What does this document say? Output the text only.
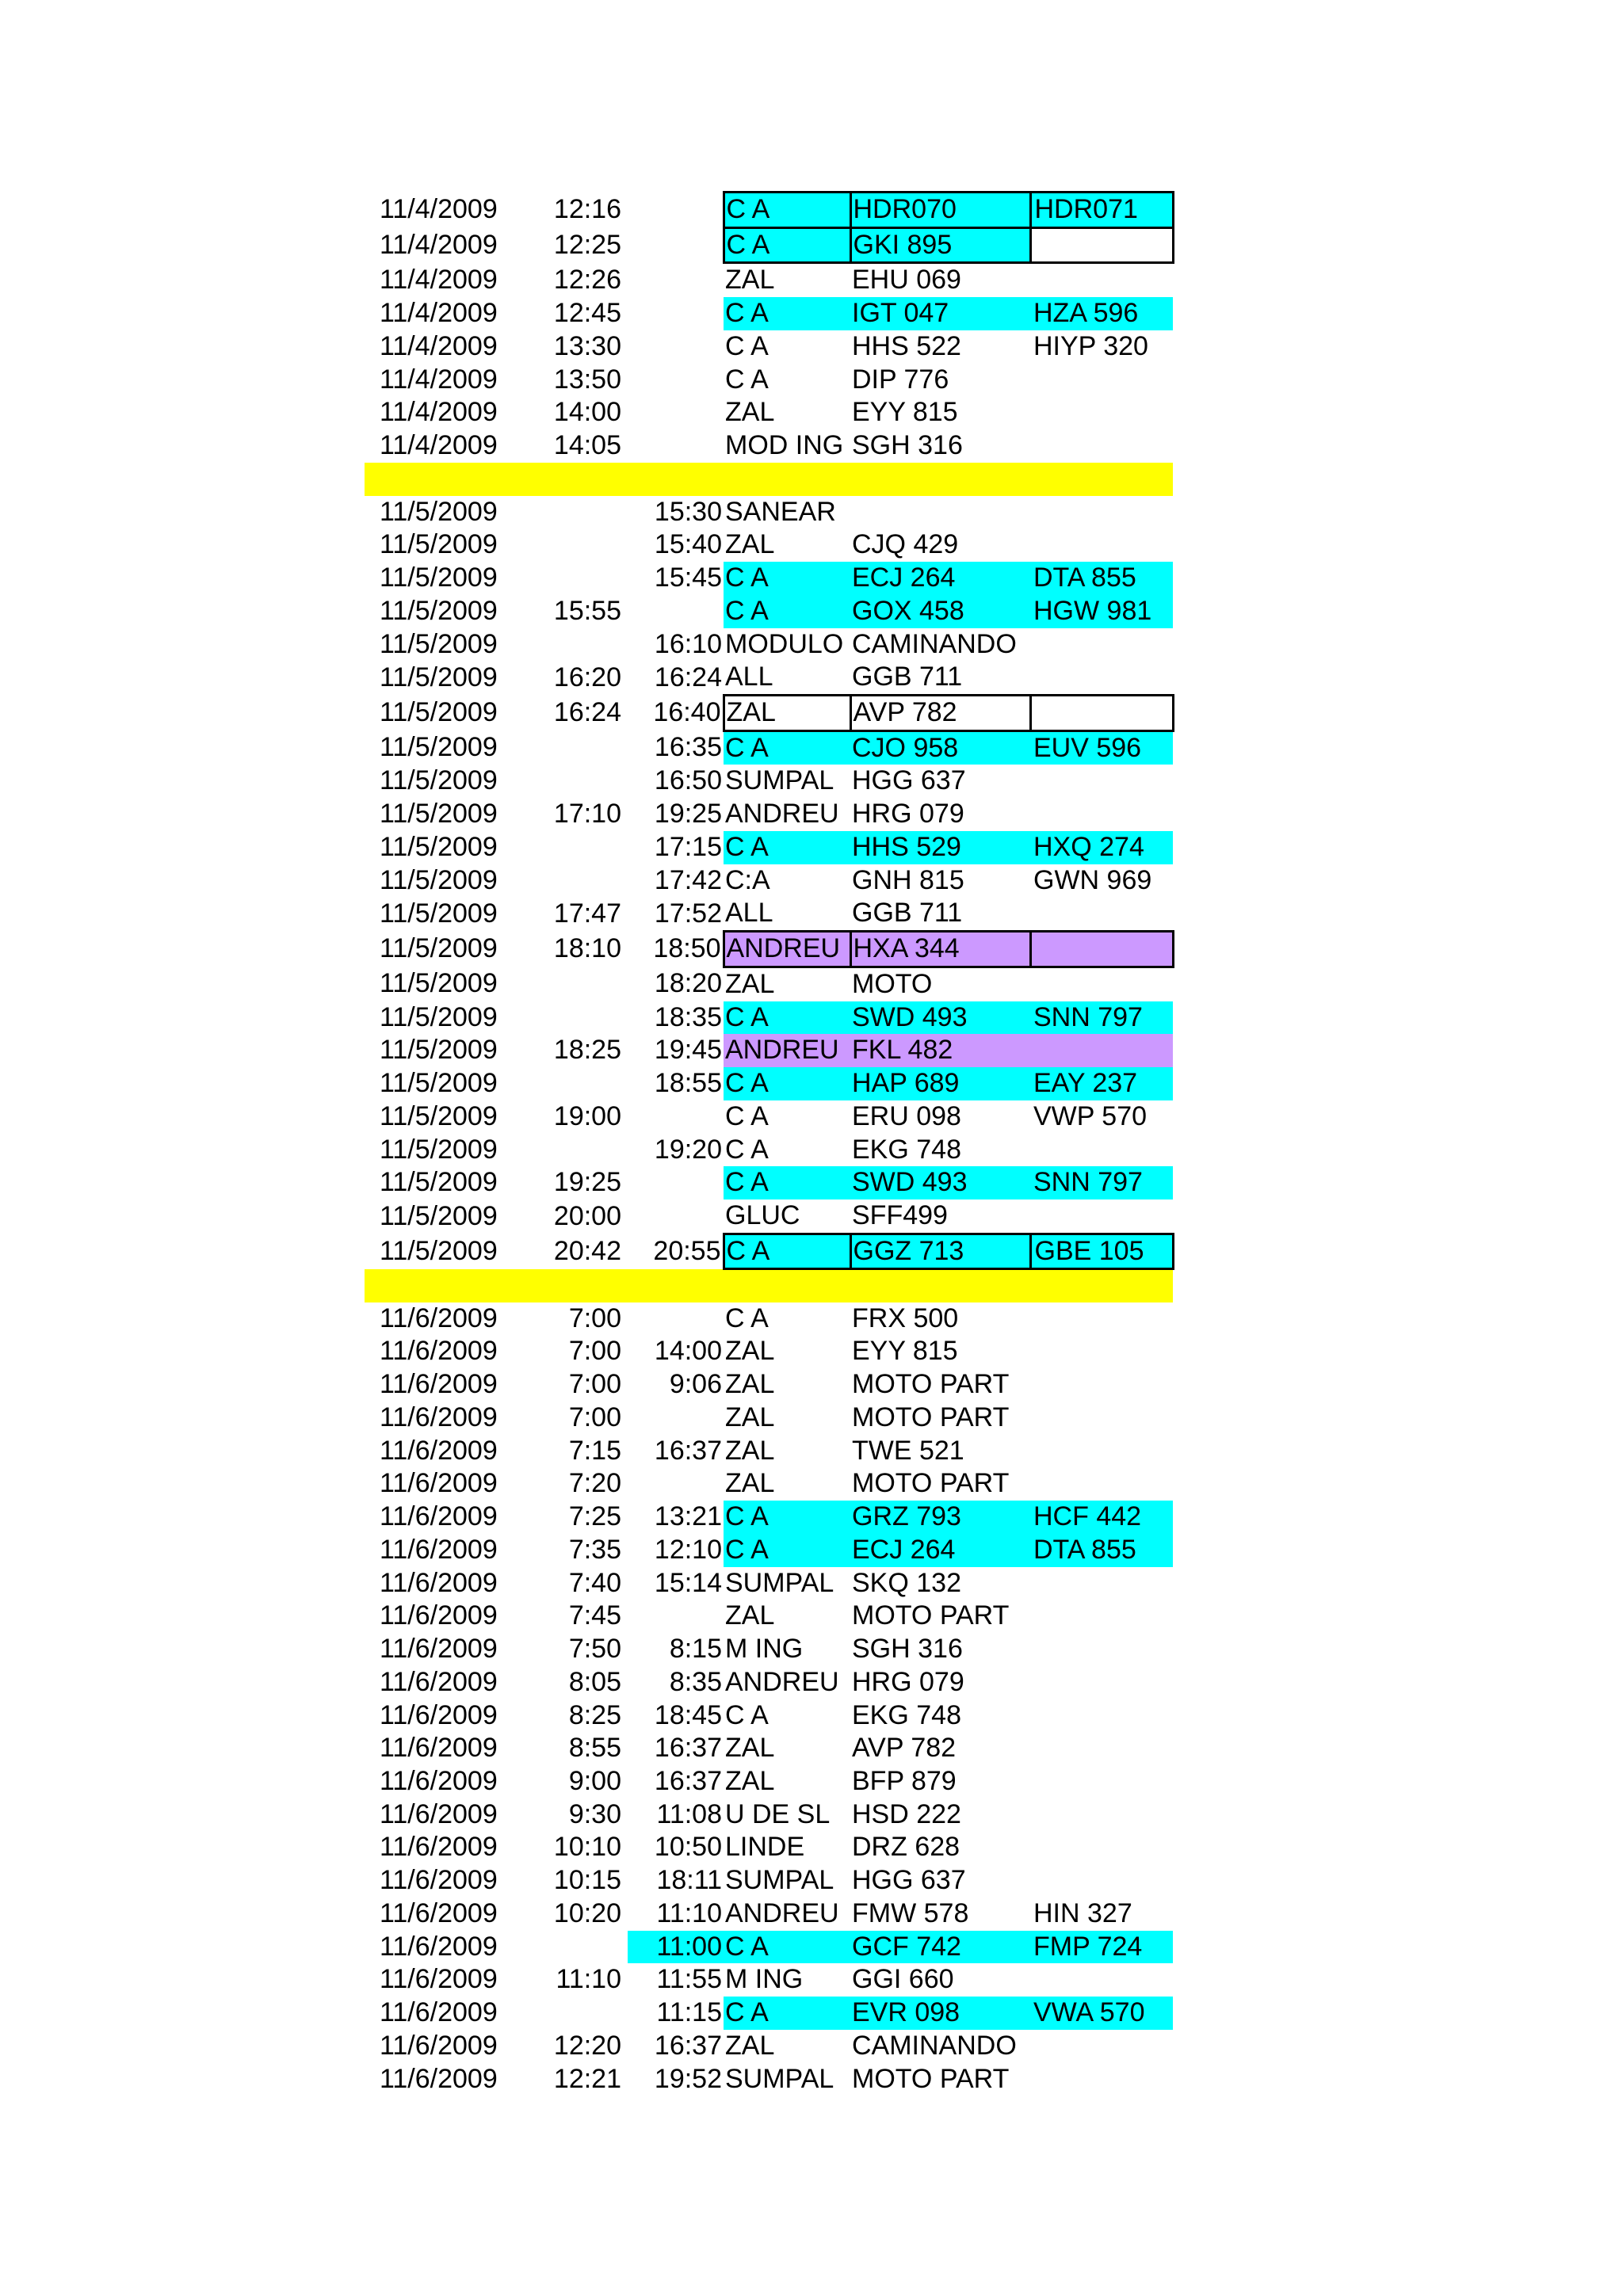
11/4/2009	12:16		C A	HDR070	HDR071
11/4/2009	12:25		C A	GKI 895	
11/4/2009	12:26		ZAL	EHU 069	
11/4/2009	12:45		C A	IGT 047	HZA 596
11/4/2009	13:30		C A	HHS 522	HIYP 320
11/4/2009	13:50		C A	DIP 776	
11/4/2009	14:00		ZAL	EYY 815	
11/4/2009	14:05		MOD ING	SGH 316	

11/5/2009		15:30	SANEAR		
11/5/2009		15:40	ZAL	CJQ 429	
11/5/2009		15:45	C A	ECJ 264	DTA 855
11/5/2009	15:55		C A	GOX 458	HGW 981
11/5/2009		16:10	MODULO	CAMINANDO	
11/5/2009	16:20	16:24	ALL	GGB 711	
11/5/2009	16:24	16:40	ZAL	AVP 782	
11/5/2009		16:35	C A	CJO 958	EUV 596
11/5/2009		16:50	SUMPAL	HGG 637	
11/5/2009	17:10	19:25	ANDREU	HRG 079	
11/5/2009		17:15	C A	HHS 529	HXQ 274
11/5/2009		17:42	C:A	GNH 815	GWN 969
11/5/2009	17:47	17:52	ALL	GGB 711	
11/5/2009	18:10	18:50	ANDREU	HXA 344	
11/5/2009		18:20	ZAL	MOTO	
11/5/2009		18:35	C A	SWD 493	SNN 797
11/5/2009	18:25	19:45	ANDREU	FKL 482	
11/5/2009		18:55	C A	HAP 689	EAY 237
11/5/2009	19:00		C A	ERU 098	VWP 570
11/5/2009		19:20	C A	EKG 748	
11/5/2009	19:25		C A	SWD 493	SNN 797
11/5/2009	20:00		GLUC	SFF499	
11/5/2009	20:42	20:55	C A	GGZ 713	GBE 105

11/6/2009	7:00		C A	FRX 500	
11/6/2009	7:00	14:00	ZAL	EYY 815	
11/6/2009	7:00	9:06	ZAL	MOTO PART	
11/6/2009	7:00		ZAL	MOTO PART	
11/6/2009	7:15	16:37	ZAL	TWE 521	
11/6/2009	7:20		ZAL	MOTO PART	
11/6/2009	7:25	13:21	C A	GRZ 793	HCF 442
11/6/2009	7:35	12:10	C A	ECJ 264	DTA 855
11/6/2009	7:40	15:14	SUMPAL	SKQ 132	
11/6/2009	7:45		ZAL	MOTO PART	
11/6/2009	7:50	8:15	M ING	SGH 316	
11/6/2009	8:05	8:35	ANDREU	HRG 079	
11/6/2009	8:25	18:45	C A	EKG 748	
11/6/2009	8:55	16:37	ZAL	AVP 782	
11/6/2009	9:00	16:37	ZAL	BFP 879	
11/6/2009	9:30	11:08	U DE SL	HSD 222	
11/6/2009	10:10	10:50	LINDE	DRZ 628	
11/6/2009	10:15	18:11	SUMPAL	HGG 637	
11/6/2009	10:20	11:10	ANDREU	FMW 578	HIN 327
11/6/2009		11:00	C A	GCF 742	FMP 724
11/6/2009	11:10	11:55	M ING	GGI 660	
11/6/2009		11:15	C A	EVR 098	VWA 570
11/6/2009	12:20	16:37	ZAL	CAMINANDO	
11/6/2009	12:21	19:52	SUMPAL	MOTO PART	
